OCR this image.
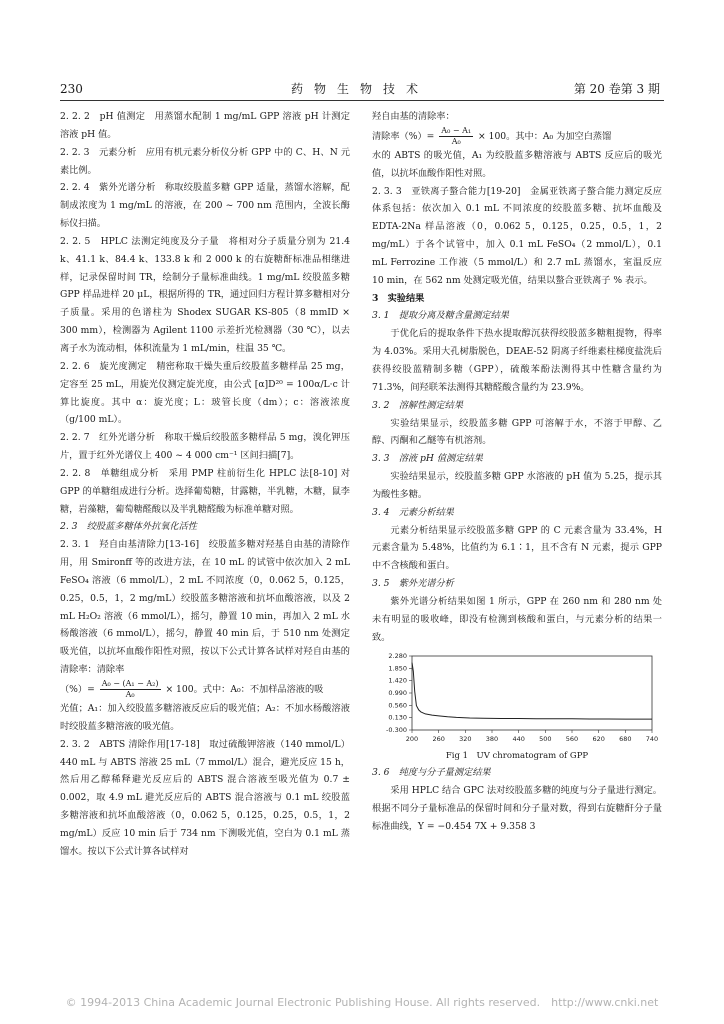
230	药物生物技术	第 20 卷第 3 期

2. 2. 2　pH 值测定　用蒸馏水配制 1 mg/mL GPP 溶液 pH 计测定溶液 pH 值。

2. 2. 3　元素分析　应用有机元素分析仪分析 GPP 中的 C、H、N 元素比例。

2. 2. 4　紫外光谱分析　称取绞股蓝多糖 GPP 适量，蒸馏水溶解，配制成浓度为 1 mg/mL 的溶液，在 200 ~ 700 nm 范围内，全波长酶标仪扫描。

2. 2. 5　HPLC 法测定纯度及分子量　将相对分子质量分别为 21.4 k、41.1 k、84.4 k、133.8 k 和 2 000 k 的右旋糖酐标准品相继进样，记录保留时间 TR，绘制分子量标准曲线。1 mg/mL 绞股蓝多糖 GPP 样品进样 20 μL，根据所得的 TR，通过回归方程计算多糖相对分子质量。采用的色谱柱为 Shodex SUGAR KS-805（8 mmID × 300 mm），检测器为 Agilent 1100 示差折光检测器（30 ℃），以去离子水为流动相，体积流量为 1 mL/min，柱温 35 ℃。

2. 2. 6　旋光度测定　精密称取干燥失重后绞股蓝多糖样品 25 mg，定容至 25 mL，用旋光仪测定旋光度，由公式 [α]D²⁰ = 100α/L·c 计算比旋度。其中 α：旋光度；L：玻管长度（dm）；c：溶液浓度（g/100 mL）。

2. 2. 7　红外光谱分析　称取干燥后绞股蓝多糖样品 5 mg，溴化钾压片，置于红外光谱仪上 400 ~ 4 000 cm⁻¹ 区间扫描[7]。

2. 2. 8　单糖组成分析　采用 PMP 柱前衍生化 HPLC 法[8-10] 对 GPP 的单糖组成进行分析。选择葡萄糖，甘露糖，半乳糖，木糖，鼠李糖，岩藻糖，葡萄糖醛酸以及半乳糖醛酸为标准单糖对照。

2. 3　绞股蓝多糖体外抗氧化活性

2. 3. 1　羟自由基清除力[13-16]　绞股蓝多糖对羟基自由基的清除作用，用 Smironff 等的改进方法，在 10 mL 的试管中依次加入 2 mL FeSO₄ 溶液（6 mmol/L），2 mL 不同浓度（0，0.062 5，0.125，0.25，0.5，1，2 mg/mL）绞股蓝多糖溶液和抗坏血酸溶液，以及 2 mL H₂O₂ 溶液（6 mmol/L），摇匀，静置 10 min，再加入 2 mL 水杨酸溶液（6 mmol/L），摇匀，静置 40 min 后，于 510 nm 处测定吸光值，以抗坏血酸作阳性对照，按以下公式计算各试样对羟自由基的清除率：清除率

（%）= $\frac{\text{A₀ − (A₁ − A₂)}}{\text{A₀}} \times 100$。式中：A₀：不加样品溶液的吸

光值；A₁：加入绞股蓝多糖溶液反应后的吸光值；A₂：不加水杨酸溶液时绞股蓝多糖溶液的吸光值。

2. 3. 2　ABTS 清除作用[17-18]　取过硫酸钾溶液（140 mmol/L）440 mL 与 ABTS 溶液 25 mL（7 mmol/L）混合，避光反应 15 h，然后用乙醇稀释避光反应后的 ABTS 混合溶液至吸光值为 0.7 ± 0.002，取 4.9 mL 避光反应后的 ABTS 混合溶液与 0.1 mL 绞股蓝多糖溶液和抗坏血酸溶液（0，0.062 5，0.125，0.25，0.5，1，2 mg/mL）反应 10 min 后于 734 nm 下测吸光值，空白为 0.1 mL 蒸馏水。按以下公式计算各试样对

羟自由基的清除率：

清除率（%）= $\frac{\text{A₀ − A₁}}{\text{A₀}} \times 100$。其中：A₀ 为加空白蒸馏

水的 ABTS 的吸光值，A₁ 为绞股蓝多糖溶液与 ABTS 反应后的吸光值，以抗坏血酸作阳性对照。

2. 3. 3　亚铁离子螯合能力[19-20]　金属亚铁离子螯合能力测定反应体系包括：依次加入 0.1 mL 不同浓度的绞股蓝多糖、抗坏血酸及 EDTA-2Na 样品溶液（0，0.062 5，0.125，0.25，0.5，1，2 mg/mL）于各个试管中，加入 0.1 mL FeSO₄（2 mmol/L），0.1 mL Ferrozine 工作液（5 mmol/L）和 2.7 mL 蒸馏水，室温反应 10 min，在 562 nm 处测定吸光值，结果以螯合亚铁离子 % 表示。

3　实验结果

3. 1　提取分离及糖含量测定结果

于优化后的提取条件下热水提取醇沉获得绞股蓝多糖粗提物，得率为 4.03%。采用大孔树脂脱色，DEAE-52 阴离子纤维素柱梯度盐洗后获得绞股蓝精制多糖（GPP），硫酸苯酚法测得其中性糖含量约为 71.3%，间羟联苯法测得其糖醛酸含量约为 23.9%。

3. 2　溶解性测定结果

实验结果显示，绞股蓝多糖 GPP 可溶解于水，不溶于甲醇、乙醇、丙酮和乙醚等有机溶剂。

3. 3　溶液 pH 值测定结果

实验结果显示，绞股蓝多糖 GPP 水溶液的 pH 值为 5.25，提示其为酸性多糖。

3. 4　元素分析结果

元素分析结果显示绞股蓝多糖 GPP 的 C 元素含量为 33.4%，H 元素含量为 5.48%，比值约为 6.1∶1，且不含有 N 元素，提示 GPP 中不含核酸和蛋白。

3. 5　紫外光谱分析

紫外光谱分析结果如图 1 所示，GPP 在 260 nm 和 280 nm 处未有明显的吸收峰，即没有检测到核酸和蛋白，与元素分析的结果一致。

2.280
1.850
1.420
0.990
0.560
0.130
-0.300
200 260 320 380 440 500 560 620 680 740

Fig 1　UV chromatogram of GPP

3. 6　纯度与分子量测定结果

采用 HPLC 结合 GPC 法对绞股蓝多糖的纯度与分子量进行测定。根据不同分子量标准品的保留时间和分子量对数，得到右旋糖酐分子量标准曲线，Y = −0.454 7X + 9.358 3

© 1994-2013 China Academic Journal Electronic Publishing House. All rights reserved.　http://www.cnki.net
